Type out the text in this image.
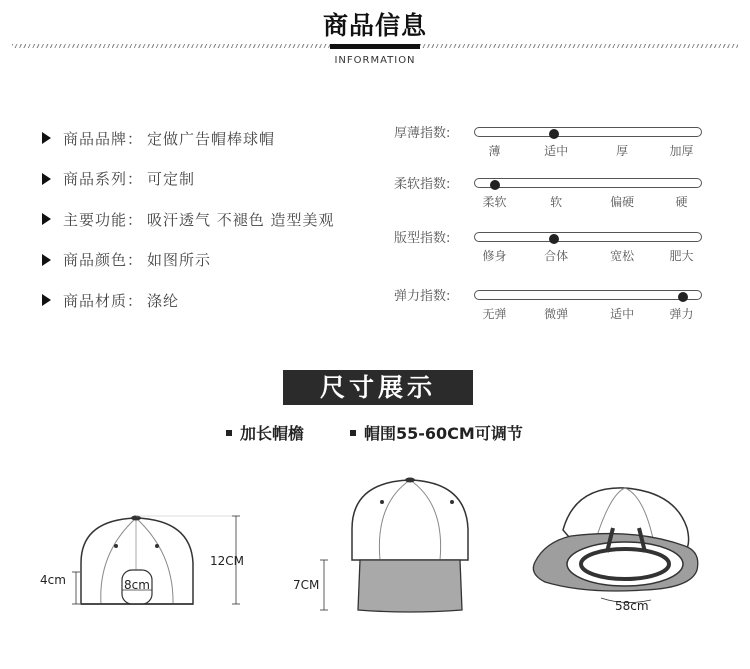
商品信息
INFORMATION
商品品牌： 定做广告帽棒球帽
商品系列： 可定制
主要功能： 吸汗透气 不褪色 造型美观
商品颜色： 如图所示
商品材质： 涤纶
厚薄指数:
薄	适中	厚	加厚
柔软指数:
柔软	软	偏硬	硬
版型指数:
修身	合体	宽松	肥大
弹力指数:
无弹	微弹	适中	弹力
尺寸展示
加长帽檐	帽围55-60CM可调节
4cm	8cm
12CM
7CM
58cm
